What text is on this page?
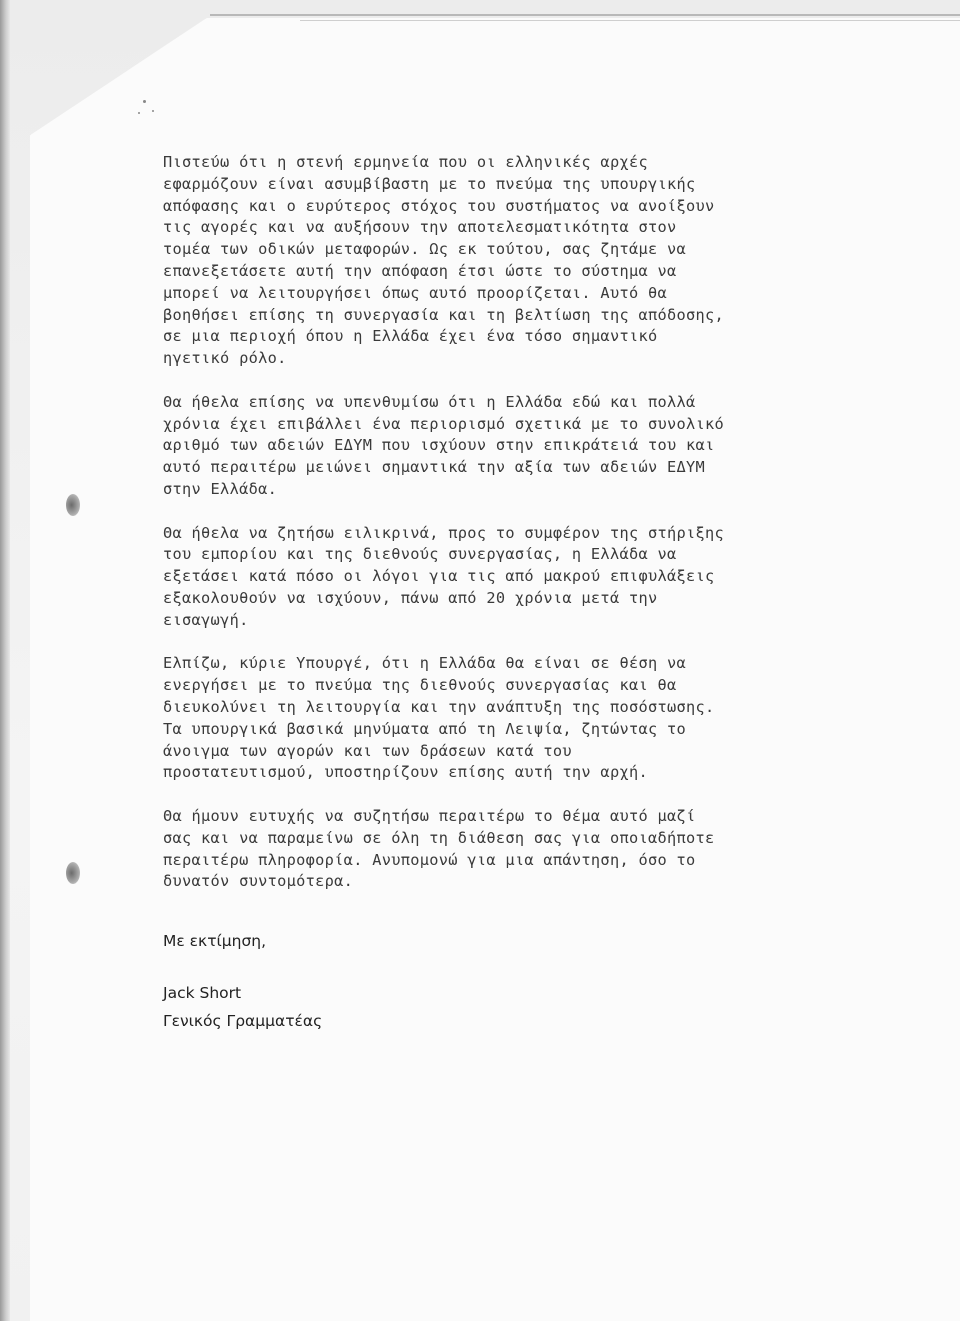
Πιστεύω ότι η στενή ερμηνεία που οι ελληνικές αρχές
εφαρμόζουν είναι ασυμβίβαστη με το πνεύμα της υπουργικής
απόφασης και ο ευρύτερος στόχος του συστήματος να ανοίξουν
τις αγορές και να αυξήσουν την αποτελεσματικότητα στον
τομέα των οδικών μεταφορών. Ως εκ τούτου, σας ζητάμε να
επανεξετάσετε αυτή την απόφαση έτσι ώστε το σύστημα να
μπορεί να λειτουργήσει όπως αυτό προορίζεται. Αυτό θα
βοηθήσει επίσης τη συνεργασία και τη βελτίωση της απόδοσης,
σε μια περιοχή όπου η Ελλάδα έχει ένα τόσο σημαντικό
ηγετικό ρόλο.

Θα ήθελα επίσης να υπενθυμίσω ότι η Ελλάδα εδώ και πολλά
χρόνια έχει επιβάλλει ένα περιορισμό σχετικά με το συνολικό
αριθμό των αδειών ΕΔΥΜ που ισχύουν στην επικράτειά του και
αυτό περαιτέρω μειώνει σημαντικά την αξία των αδειών ΕΔΥΜ
στην Ελλάδα.

Θα ήθελα να ζητήσω ειλικρινά, προς το συμφέρον της στήριξης
του εμπορίου και της διεθνούς συνεργασίας, η Ελλάδα να
εξετάσει κατά πόσο οι λόγοι για τις από μακρού επιφυλάξεις
εξακολουθούν να ισχύουν, πάνω από 20 χρόνια μετά την
εισαγωγή.

Ελπίζω, κύριε Υπουργέ, ότι η Ελλάδα θα είναι σε θέση να
ενεργήσει με το πνεύμα της διεθνούς συνεργασίας και θα
διευκολύνει τη λειτουργία και την ανάπτυξη της ποσόστωσης.
Τα υπουργικά βασικά μηνύματα από τη Λειψία, ζητώντας το
άνοιγμα των αγορών και των δράσεων κατά του
προστατευτισμού, υποστηρίζουν επίσης αυτή την αρχή.

Θα ήμουν ευτυχής να συζητήσω περαιτέρω το θέμα αυτό μαζί
σας και να παραμείνω σε όλη τη διάθεση σας για οποιαδήποτε
περαιτέρω πληροφορία. Ανυπομονώ για μια απάντηση, όσο το
δυνατόν συντομότερα.

Με εκτίμηση,
Jack Short
Γενικός Γραμματέας
